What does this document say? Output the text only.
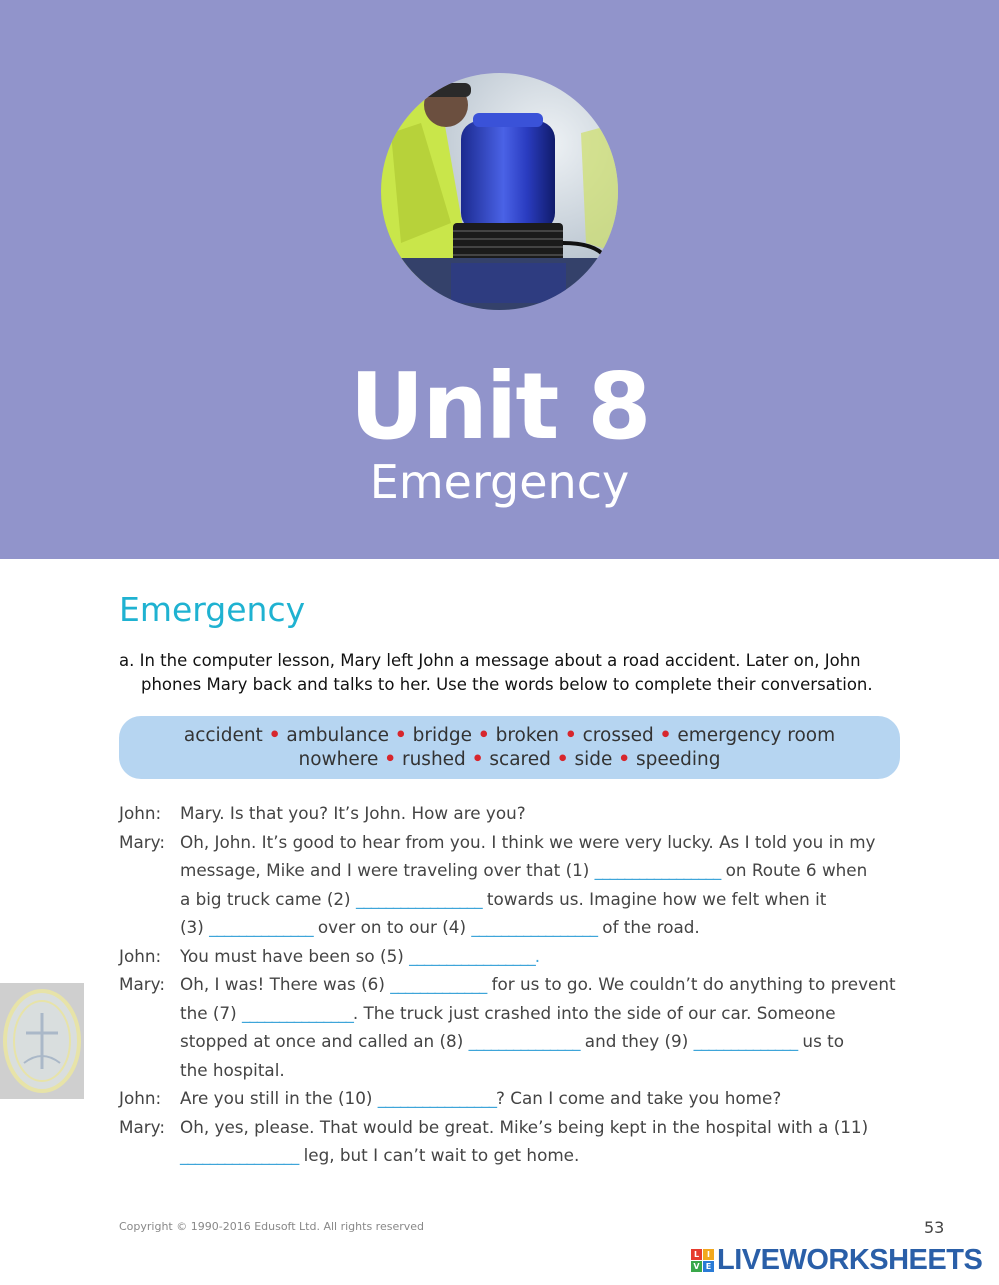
Unit 8
Emergency
Emergency
a. In the computer lesson, Mary left John a message about a road accident. Later on, John
phones Mary back and talks to her. Use the words below to complete their conversation.
accident • ambulance • bridge • broken • crossed • emergency room
nowhere • rushed • scared • side • speeding
John:	Mary. Is that you? It’s John. How are you?
Mary: Oh, John. It’s good to hear from you. I think we were very lucky. As I told you in my
message, Mike and I were traveling over that (1) _________________ on Route 6 when
a big truck came (2) _________________ towards us. Imagine how we felt when it
(3) ______________ over on to our (4) _________________ of the road.
John:	You must have been so (5) _________________.
Mary: Oh, I was! There was (6) _____________ for us to go. We couldn’t do anything to prevent
the (7) _______________. The truck just crashed into the side of our car. Someone
stopped at once and called an (8) _______________ and they (9) ______________ us to
the hospital.
John:	Are you still in the (10) ________________? Can I come and take you home?
Mary: Oh, yes, please. That would be great. Mike’s being kept in the hospital with a (11)
________________ leg, but I can’t wait to get home.
Copyright © 1990-2016 Edusoft Ltd. All rights reserved	53
L I
V E LIVEWORKSHEETS
